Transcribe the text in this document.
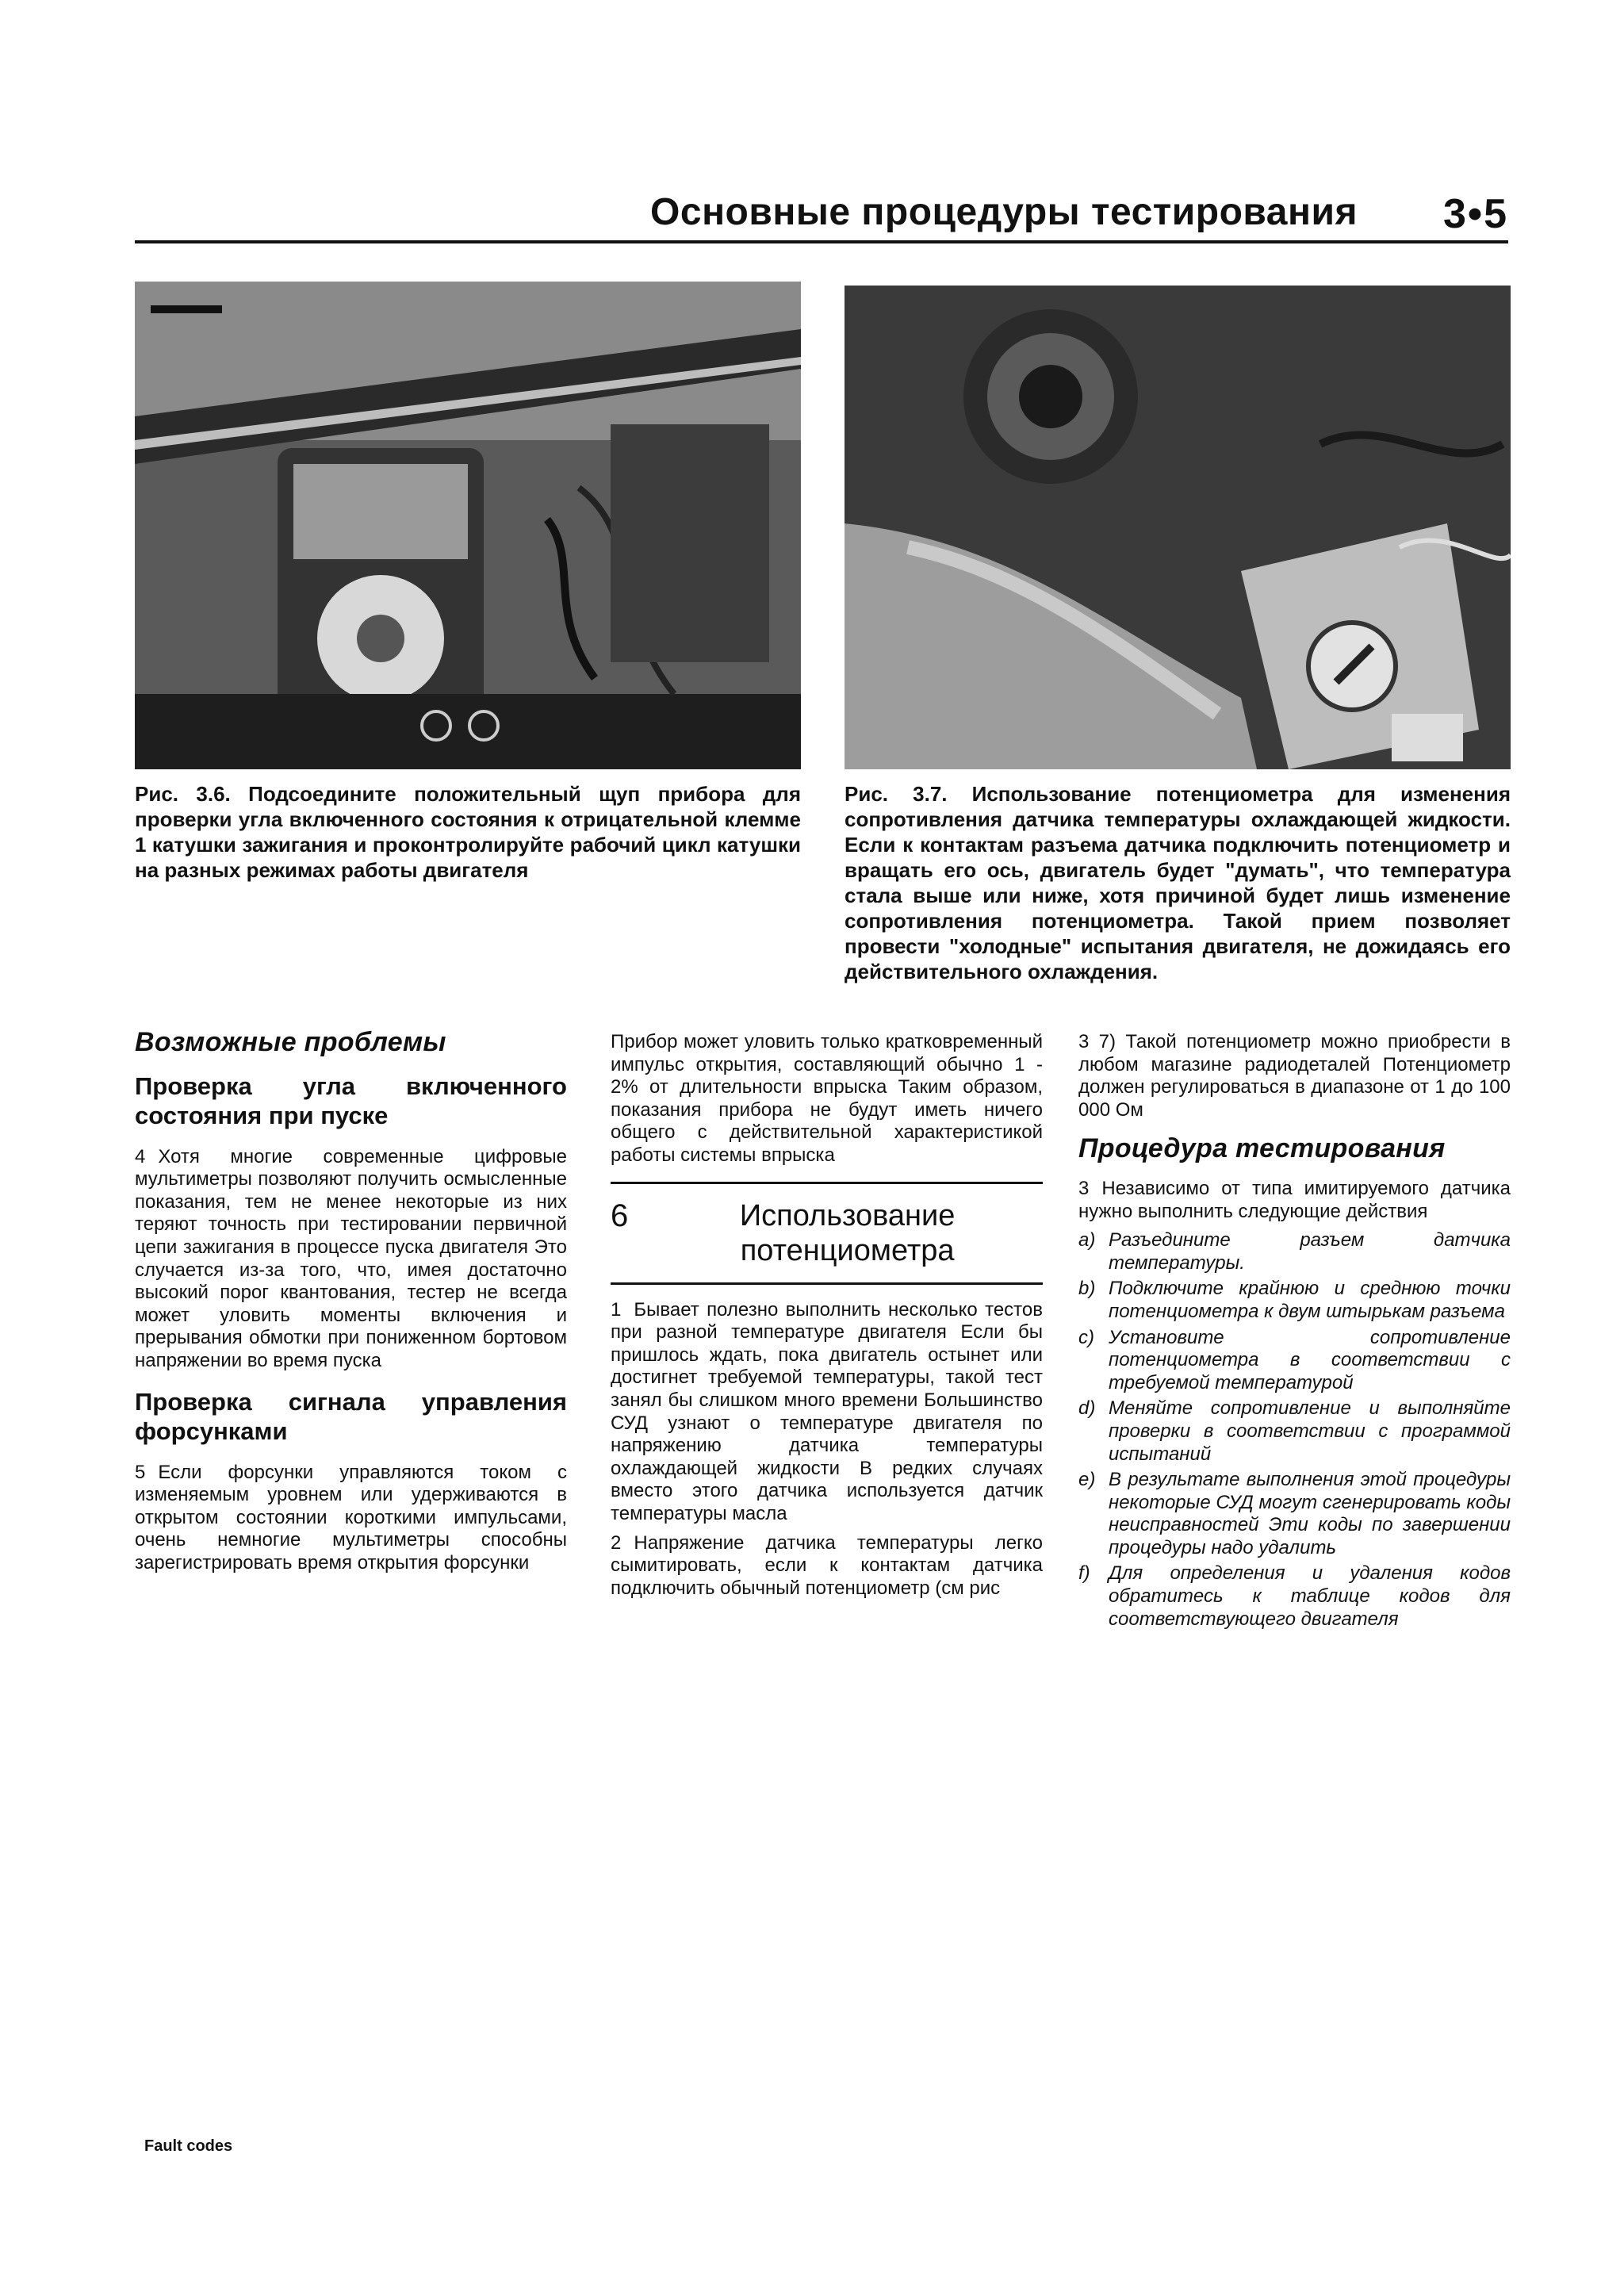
Основные процедуры тестирования 3•5
Рис. 3.6. Подсоедините положительный щуп прибора для проверки угла включенного состояния к отрицательной клемме 1 катушки зажигания и проконтролируйте рабочий цикл катушки на разных режимах работы двигателя
Рис. 3.7. Использование потенциометра для изменения сопротивления датчика температуры охлаждающей жидкости. Если к контактам разъема датчика подключить потенциометр и вращать его ось, двигатель будет "думать", что температура стала выше или ниже, хотя причиной будет лишь изменение сопротивления потенциометра. Такой прием позволяет провести "холодные" испытания двигателя, не дожидаясь его действительного охлаждения.
Возможные проблемы
Проверка угла включенного состояния при пуске

4 Хотя многие современные цифровые мультиметры позволяют получить осмысленные показания, тем не менее некоторые из них теряют точность при тестировании первичной цепи зажигания в процессе пуска двигателя Это случается из-за того, что, имея достаточно высокий порог квантования, тестер не всегда может уловить моменты включения и прерывания обмотки при пониженном бортовом напряжении во время пуска

Проверка сигнала управления форсунками

5 Если форсунки управляются током с изменяемым уровнем или удерживаются в открытом состоянии короткими импульсами, очень немногие мультиметры способны зарегистрировать время открытия форсунки

Прибор может уловить только кратковременный импульс открытия, составляющий обычно 1 - 2% от длительности впрыска Таким образом, показания прибора не будут иметь ничего общего с действительной характеристикой работы системы впрыска

6	Использование потенциометра

1 Бывает полезно выполнить несколько тестов при разной температуре двигателя Если бы пришлось ждать, пока двигатель остынет или достигнет требуемой температуры, такой тест занял бы слишком много времени Большинство СУД узнают о температуре двигателя по напряжению датчика температуры охлаждающей жидкости В редких случаях вместо этого датчика используется датчик температуры масла

2 Напряжение датчика температуры легко сымитировать, если к контактам датчика подключить обычный потенциометр (см рис

3 7) Такой потенциометр можно приобрести в любом магазине радиодеталей Потенциометр должен регулироваться в диапазоне от 1 до 100 000 Ом

Процедура тестирования

3 Независимо от типа имитируемого датчика нужно выполнить следующие действия

a) Разъедините разъем датчика температуры.
b) Подключите крайнюю и среднюю точки потенциометра к двум штырькам разъема
c) Установите сопротивление потенциометра в соответствии с требуемой температурой
d) Меняйте сопротивление и выполняйте проверки в соответствии с программой испытаний
e) В результате выполнения этой процедуры некоторые СУД могут сгенерировать коды неисправностей Эти коды по завершении процедуры надо удалить
f) Для определения и удаления кодов обратитесь к таблице кодов для соответствующего двигателя
Fault codes
